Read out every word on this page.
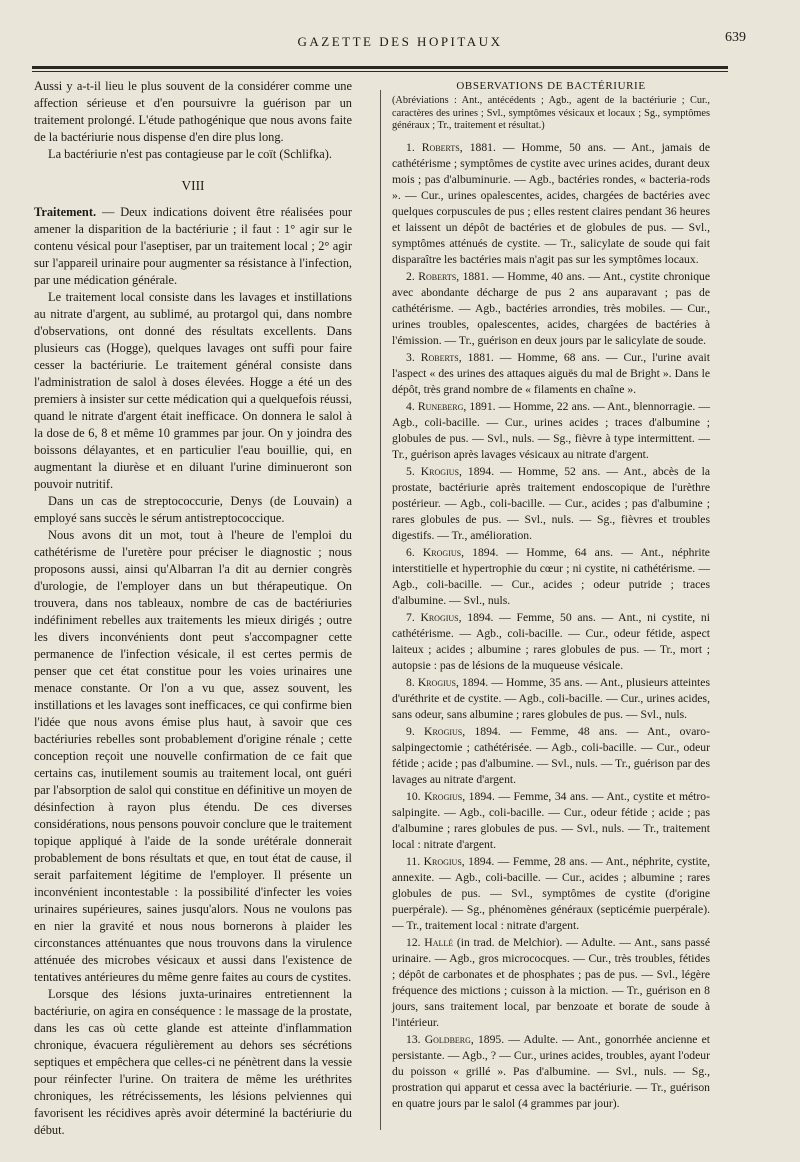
GAZETTE DES HOPITAUX	639

Aussi y a-t-il lieu le plus souvent de la considérer comme une affection sérieuse et d'en poursuivre la guérison par un traitement prolongé. L'étude pathogénique que nous avons faite de la bactériurie nous dispense d'en dire plus long.

La bactériurie n'est pas contagieuse par le coït (Schlifka).

VIII

Traitement. — Deux indications doivent être réalisées pour amener la disparition de la bactériurie ; il faut : 1° agir sur le contenu vésical pour l'aseptiser, par un traitement local ; 2° agir sur l'appareil urinaire pour augmenter sa résistance à l'infection, par une médication générale.

Le traitement local consiste dans les lavages et instillations au nitrate d'argent, au sublimé, au protargol qui, dans nombre d'observations, ont donné des résultats excellents. Dans plusieurs cas (Hogge), quelques lavages ont suffi pour faire cesser la bactériurie. Le traitement général consiste dans l'administration de salol à doses élevées. Hogge a été un des premiers à insister sur cette médication qui a quelquefois réussi, quand le nitrate d'argent était inefficace. On donnera le salol à la dose de 6, 8 et même 10 grammes par jour. On y joindra des boissons délayantes, et en particulier l'eau bouillie, qui, en augmentant la diurèse et en diluant l'urine diminueront son pouvoir nutritif.

Dans un cas de streptococcurie, Denys (de Louvain) a employé sans succès le sérum antistreptococcique.

Nous avons dit un mot, tout à l'heure de l'emploi du cathétérisme de l'uretère pour préciser le diagnostic ; nous proposons aussi, ainsi qu'Albarran l'a dit au dernier congrès d'urologie, de l'employer dans un but thérapeutique. On trouvera, dans nos tableaux, nombre de cas de bactériuries indéfiniment rebelles aux traitements les mieux dirigés ; outre les divers inconvénients dont peut s'accompagner cette permanence de l'infection vésicale, il est certes permis de penser que cet état constitue pour les voies urinaires une menace constante. Or l'on a vu que, assez souvent, les instillations et les lavages sont inefficaces, ce qui confirme bien l'idée que nous avons émise plus haut, à savoir que ces bactériuries rebelles sont probablement d'origine rénale ; cette conception reçoit une nouvelle confirmation de ce fait que certains cas, inutilement soumis au traitement local, ont guéri par l'absorption de salol qui constitue en définitive un moyen de désinfection à rayon plus étendu. De ces diverses considérations, nous pensons pouvoir conclure que le traitement topique appliqué à l'aide de la sonde urétérale donnerait probablement de bons résultats et que, en tout état de cause, il serait parfaitement légitime de l'employer. Il présente un inconvénient incontestable : la possibilité d'infecter les voies urinaires supérieures, saines jusqu'alors. Nous ne voulons pas en nier la gravité et nous nous bornerons à plaider les circonstances atténuantes que nous trouvons dans la virulence atténuée des microbes vésicaux et aussi dans l'existence de tentatives antérieures du même genre faites au cours de cystites.

Lorsque des lésions juxta-urinaires entretiennent la bactériurie, on agira en conséquence : le massage de la prostate, dans les cas où cette glande est atteinte d'inflammation chronique, évacuera régulièrement au dehors ses sécrétions septiques et empêchera que celles-ci ne pénètrent dans la vessie pour réinfecter l'urine. On traitera de même les uréthrites chroniques, les rétrécissements, les lésions pelviennes qui favorisent les récidives après avoir déterminé la bactériurie du début.

OBSERVATIONS DE BACTÉRIURIE
(Abréviations : Ant., antécédents ; Agb., agent de la bactériurie ; Cur., caractères des urines ; Svl., symptômes vésicaux et locaux ; Sg., symptômes généraux ; Tr., traitement et résultat.)

1. Roberts, 1881. — Homme, 50 ans. — Ant., jamais de cathétérisme ; symptômes de cystite avec urines acides, durant deux mois ; pas d'albuminurie. — Agb., bactéries rondes, « bacteria-rods ». — Cur., urines opalescentes, acides, chargées de bactéries avec quelques corpuscules de pus ; elles restent claires pendant 36 heures et laissent un dépôt de bactéries et de globules de pus. — Svl., symptômes atténués de cystite. — Tr., salicylate de soude qui fait disparaître les bactéries mais n'agit pas sur les symptômes locaux.

2. Roberts, 1881. — Homme, 40 ans. — Ant., cystite chronique avec abondante décharge de pus 2 ans auparavant ; pas de cathétérisme. — Agb., bactéries arrondies, très mobiles. — Cur., urines troubles, opalescentes, acides, chargées de bactéries à l'émission. — Tr., guérison en deux jours par le salicylate de soude.

3. Roberts, 1881. — Homme, 68 ans. — Cur., l'urine avait l'aspect « des urines des attaques aiguës du mal de Bright ». Dans le dépôt, très grand nombre de « filaments en chaîne ».

4. Runeberg, 1891. — Homme, 22 ans. — Ant., blennorragie. — Agb., coli-bacille. — Cur., urines acides ; traces d'albumine ; globules de pus. — Svl., nuls. — Sg., fièvre à type intermittent. — Tr., guérison après lavages vésicaux au nitrate d'argent.

5. Krogius, 1894. — Homme, 52 ans. — Ant., abcès de la prostate, bactériurie après traitement endoscopique de l'urèthre postérieur. — Agb., coli-bacille. — Cur., acides ; pas d'albumine ; rares globules de pus. — Svl., nuls. — Sg., fièvres et troubles digestifs. — Tr., amélioration.

6. Krogius, 1894. — Homme, 64 ans. — Ant., néphrite interstitielle et hypertrophie du cœur ; ni cystite, ni cathétérisme. — Agb., coli-bacille. — Cur., acides ; odeur putride ; traces d'albumine. — Svl., nuls.

7. Krogius, 1894. — Femme, 50 ans. — Ant., ni cystite, ni cathétérisme. — Agb., coli-bacille. — Cur., odeur fétide, aspect laiteux ; acides ; albumine ; rares globules de pus. — Tr., mort ; autopsie : pas de lésions de la muqueuse vésicale.

8. Krogius, 1894. — Homme, 35 ans. — Ant., plusieurs atteintes d'uréthrite et de cystite. — Agb., coli-bacille. — Cur., urines acides, sans odeur, sans albumine ; rares globules de pus. — Svl., nuls.

9. Krogius, 1894. — Femme, 48 ans. — Ant., ovaro-salpingectomie ; cathétérisée. — Agb., coli-bacille. — Cur., odeur fétide ; acide ; pas d'albumine. — Svl., nuls. — Tr., guérison par des lavages au nitrate d'argent.

10. Krogius, 1894. — Femme, 34 ans. — Ant., cystite et métro-salpingite. — Agb., coli-bacille. — Cur., odeur fétide ; acide ; pas d'albumine ; rares globules de pus. — Svl., nuls. — Tr., traitement local : nitrate d'argent.

11. Krogius, 1894. — Femme, 28 ans. — Ant., néphrite, cystite, annexite. — Agb., coli-bacille. — Cur., acides ; albumine ; rares globules de pus. — Svl., symptômes de cystite (d'origine puerpérale). — Sg., phénomènes généraux (septicémie puerpérale). — Tr., traitement local : nitrate d'argent.

12. Hallé (in trad. de Melchior). — Adulte. — Ant., sans passé urinaire. — Agb., gros micrococques. — Cur., très troubles, fétides ; dépôt de carbonates et de phosphates ; pas de pus. — Svl., légère fréquence des mictions ; cuisson à la miction. — Tr., guérison en 8 jours, sans traitement local, par benzoate et borate de soude à l'intérieur.

13. Goldberg, 1895. — Adulte. — Ant., gonorrhée ancienne et persistante. — Agb., ? — Cur., urines acides, troubles, ayant l'odeur du poisson « grillé ». Pas d'albumine. — Svl., nuls. — Sg., prostration qui apparut et cessa avec la bactériurie. — Tr., guérison en quatre jours par le salol (4 grammes par jour).
